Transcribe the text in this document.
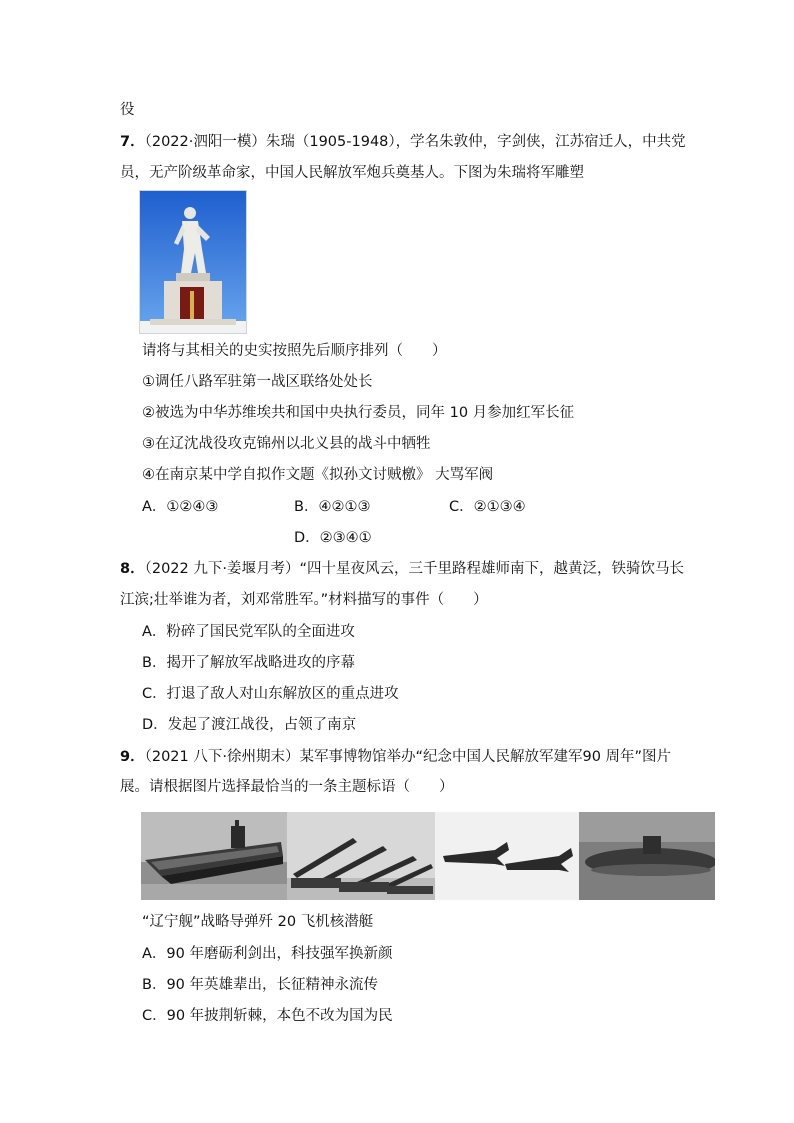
役
7．（2022·泗阳一模）朱瑞（1905-1948），学名朱敦仲，字剑侠，江苏宿迁人，中共党
员，无产阶级革命家，中国人民解放军炮兵奠基人。下图为朱瑞将军雕塑
请将与其相关的史实按照先后顺序排列（　　）
①调任八路军驻第一战区联络处处长
②被选为中华苏维埃共和国中央执行委员，同年 10 月参加红军长征
③在辽沈战役攻克锦州以北义县的战斗中牺牲
④在南京某中学自拟作文题《拟孙文讨贼檄》 大骂军阀
A．①②④③	B．④②①③	C．②①③④
D．②③④①
8．（2022 九下·姜堰月考）“四十星夜风云，三千里路程雄师南下，越黄泛，铁骑饮马长
江滨;壮举谁为者，刘邓常胜军。”材料描写的事件（　　）
A．粉碎了国民党军队的全面进攻
B．揭开了解放军战略进攻的序幕
C．打退了敌人对山东解放区的重点进攻
D．发起了渡江战役，占领了南京
9．（2021 八下·徐州期末）某军事博物馆举办“纪念中国人民解放军建军90 周年”图片
展。请根据图片选择最恰当的一条主题标语（　　）
“辽宁舰”战略导弹歼 20 飞机核潜艇
A．90 年磨砺利剑出，科技强军换新颜
B．90 年英雄辈出，长征精神永流传
C．90 年披荆斩棘，本色不改为国为民
